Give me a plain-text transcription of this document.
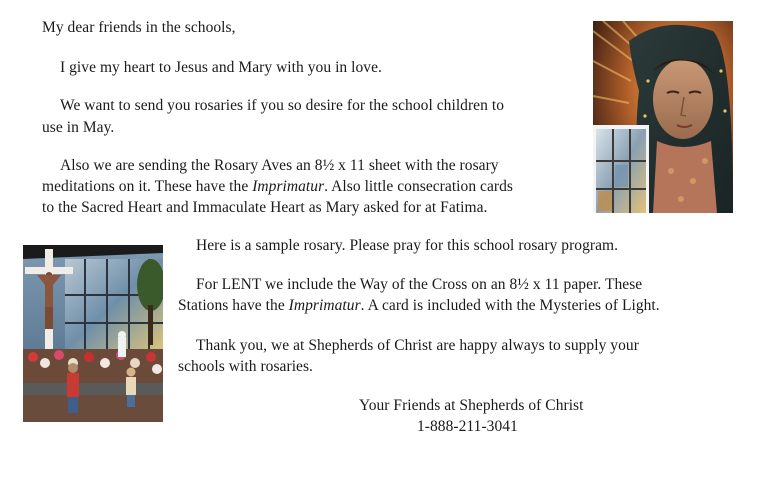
My dear friends in the schools,
I give my heart to Jesus and Mary with you in love.
We want to send you rosaries if you so desire for the school children to
use in May.
Also we are sending the Rosary Aves an 8½ x 11 sheet with the rosary
meditations on it. These have the Imprimatur. Also little consecration cards
to the Sacred Heart and Immaculate Heart as Mary asked for at Fatima.
Here is a sample rosary. Please pray for this school rosary program.
For LENT we include the Way of the Cross on an 8½ x 11 paper. These
Stations have the Imprimatur. A card is included with the Mysteries of Light.
Thank you, we at Shepherds of Christ are happy always to supply your
schools with rosaries.
Your Friends at Shepherds of Christ
1-888-211-3041
